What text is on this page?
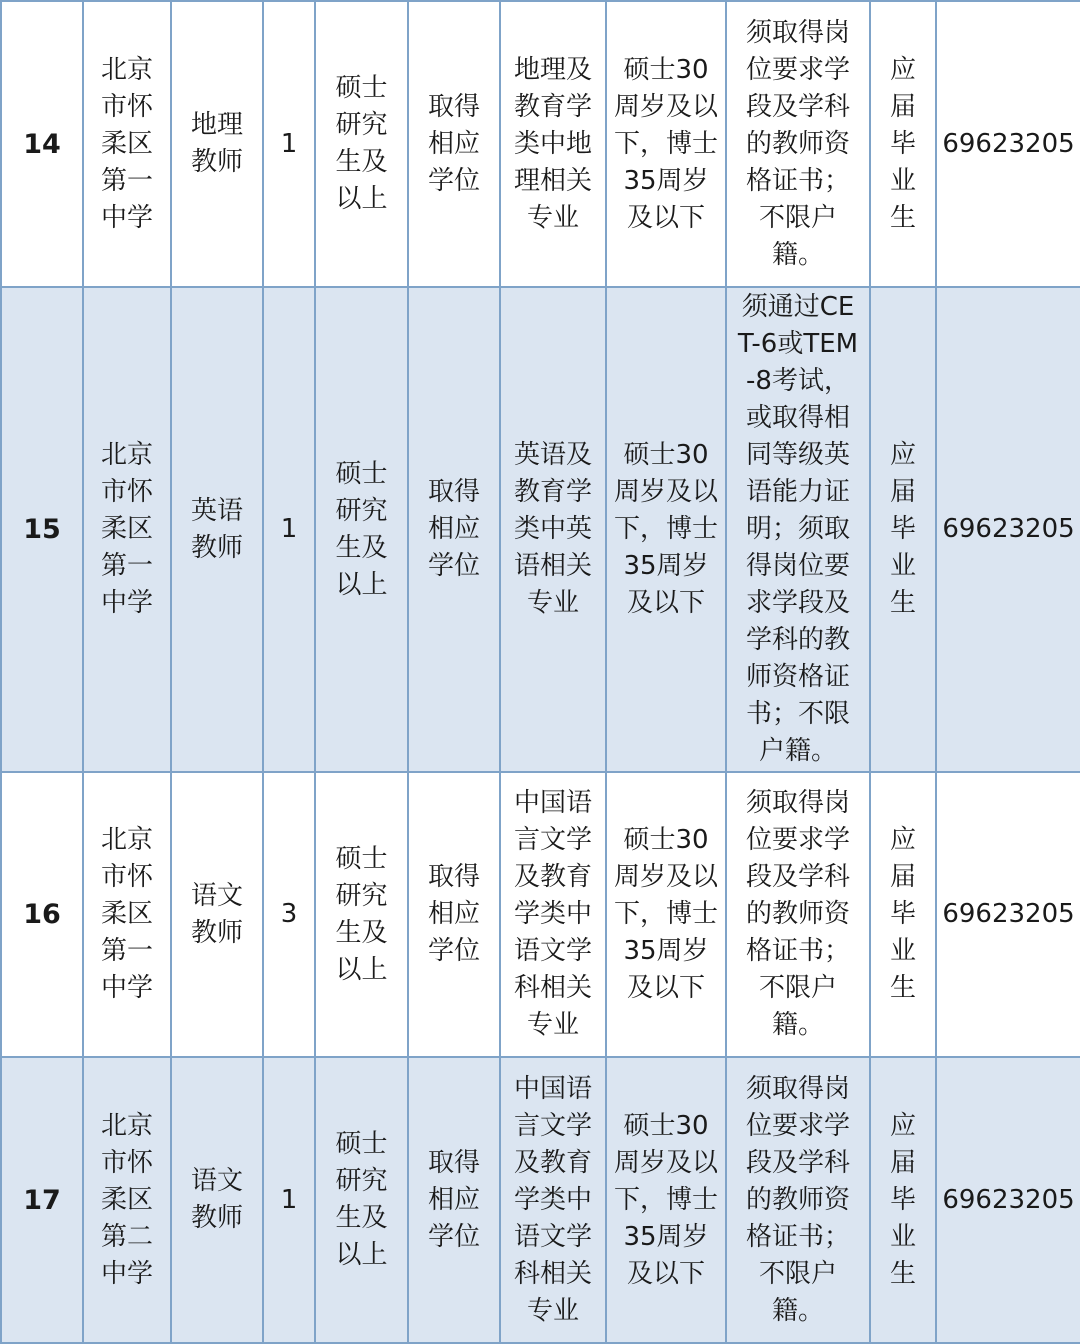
14	北京市怀柔区第一中学	地理教师	1	硕士研究生及以上	取得相应学位	地理及教育学类中地理相关专业	硕士30周岁及以下，博士35周岁及以下	须取得岗位要求学段及学科的教师资格证书；不限户籍。	应届毕业生	69623205
15	北京市怀柔区第一中学	英语教师	1	硕士研究生及以上	取得相应学位	英语及教育学类中英语相关专业	硕士30周岁及以下，博士35周岁及以下	须通过CET-6或TEM-8考试，或取得相同等级英语能力证明；须取得岗位要求学段及学科的教师资格证书；不限户籍。	应届毕业生	69623205
16	北京市怀柔区第一中学	语文教师	3	硕士研究生及以上	取得相应学位	中国语言文学及教育学类中语文学科相关专业	硕士30周岁及以下，博士35周岁及以下	须取得岗位要求学段及学科的教师资格证书；不限户籍。	应届毕业生	69623205
17	北京市怀柔区第二中学	语文教师	1	硕士研究生及以上	取得相应学位	中国语言文学及教育学类中语文学科相关专业	硕士30周岁及以下，博士35周岁及以下	须取得岗位要求学段及学科的教师资格证书；不限户籍。	应届毕业生	69623205
